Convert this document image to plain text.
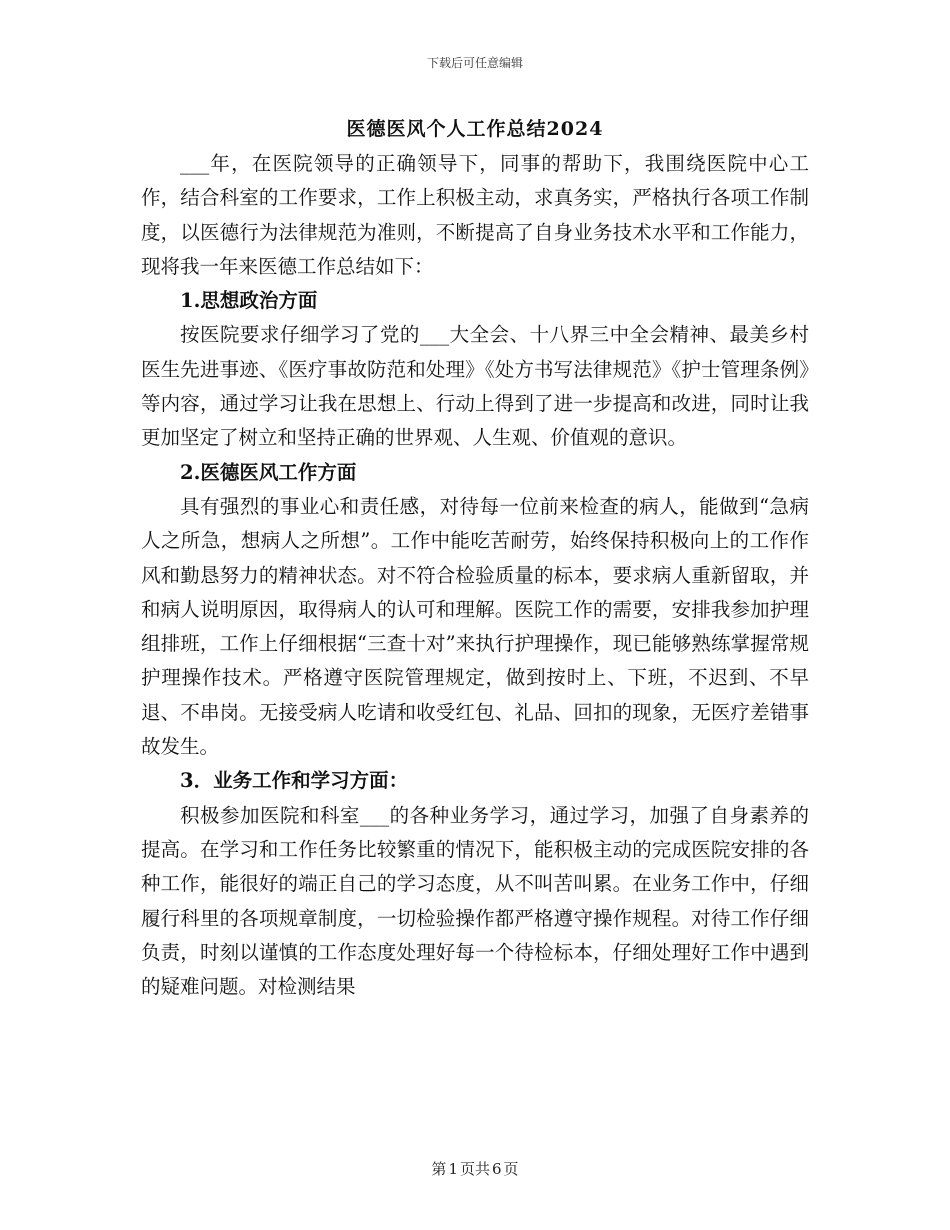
下载后可任意编辑
医德医风个人工作总结2024

___年，在医院领导的正确领导下，同事的帮助下，我围绕医院中心工作，结合科室的工作要求，工作上积极主动，求真务实，严格执行各项工作制度，以医德行为法律规范为准则，不断提高了自身业务技术水平和工作能力，现将我一年来医德工作总结如下：

1.思想政治方面

按医院要求仔细学习了党的___大全会、十八界三中全会精神、最美乡村医生先进事迹、《医疗事故防范和处理》《处方书写法律规范》《护士管理条例》等内容，通过学习让我在思想上、行动上得到了进一步提高和改进，同时让我更加坚定了树立和坚持正确的世界观、人生观、价值观的意识。

2.医德医风工作方面

具有强烈的事业心和责任感，对待每一位前来检查的病人，能做到“急病人之所急，想病人之所想”。工作中能吃苦耐劳，始终保持积极向上的工作作风和勤恳努力的精神状态。对不符合检验质量的标本，要求病人重新留取，并和病人说明原因，取得病人的认可和理解。医院工作的需要，安排我参加护理组排班，工作上仔细根据“三查十对”来执行护理操作，现已能够熟练掌握常规护理操作技术。严格遵守医院管理规定，做到按时上、下班，不迟到、不早退、不串岗。无接受病人吃请和收受红包、礼品、回扣的现象，无医疗差错事故发生。

3．业务工作和学习方面：

积极参加医院和科室___的各种业务学习，通过学习，加强了自身素养的提高。在学习和工作任务比较繁重的情况下，能积极主动的完成医院安排的各种工作，能很好的端正自己的学习态度，从不叫苦叫累。在业务工作中，仔细履行科里的各项规章制度，一切检验操作都严格遵守操作规程。对待工作仔细负责，时刻以谨慎的工作态度处理好每一个待检标本，仔细处理好工作中遇到的疑难问题。对检测结果

第 1 页共 6 页
